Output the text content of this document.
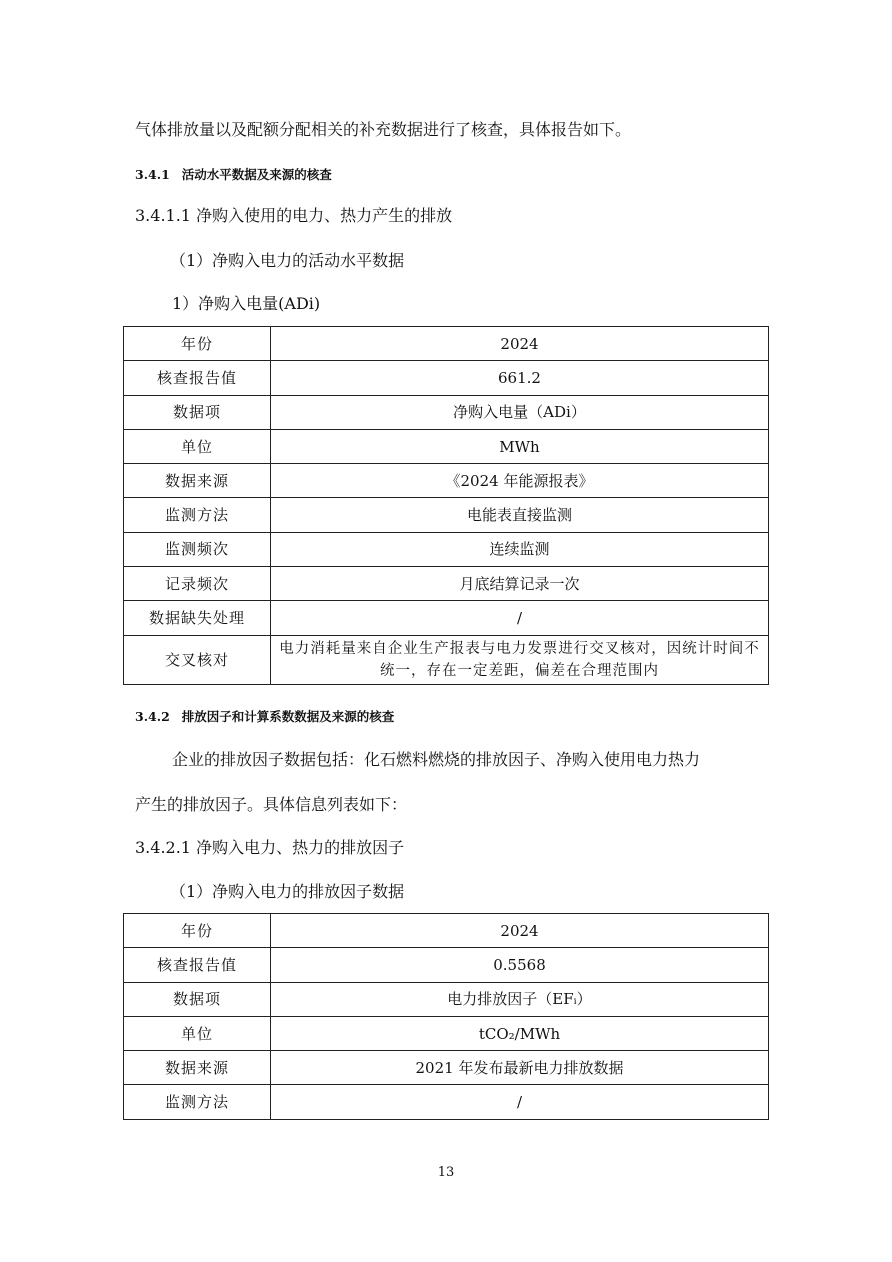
气体排放量以及配额分配相关的补充数据进行了核查，具体报告如下。
3.4.1 活动水平数据及来源的核查
3.4.1.1 净购入使用的电力、热力产生的排放
（1）净购入电力的活动水平数据
1）净购入电量(ADi)
年份	2024
核查报告值	661.2
数据项	净购入电量（ADi）
单位	MWh
数据来源	《2024 年能源报表》
监测方法	电能表直接监测
监测频次	连续监测
记录频次	月底结算记录一次
数据缺失处理	/
交叉核对	电力消耗量来自企业生产报表与电力发票进行交叉核对，因统计时间不统一，存在一定差距，偏差在合理范围内
3.4.2 排放因子和计算系数数据及来源的核查
企业的排放因子数据包括：化石燃料燃烧的排放因子、净购入使用电力热力
产生的排放因子。具体信息列表如下：
3.4.2.1 净购入电力、热力的排放因子
（1）净购入电力的排放因子数据
年份	2024
核查报告值	0.5568
数据项	电力排放因子（EFᵢ）
单位	tCO₂/MWh
数据来源	2021 年发布最新电力排放数据
监测方法	/
13
